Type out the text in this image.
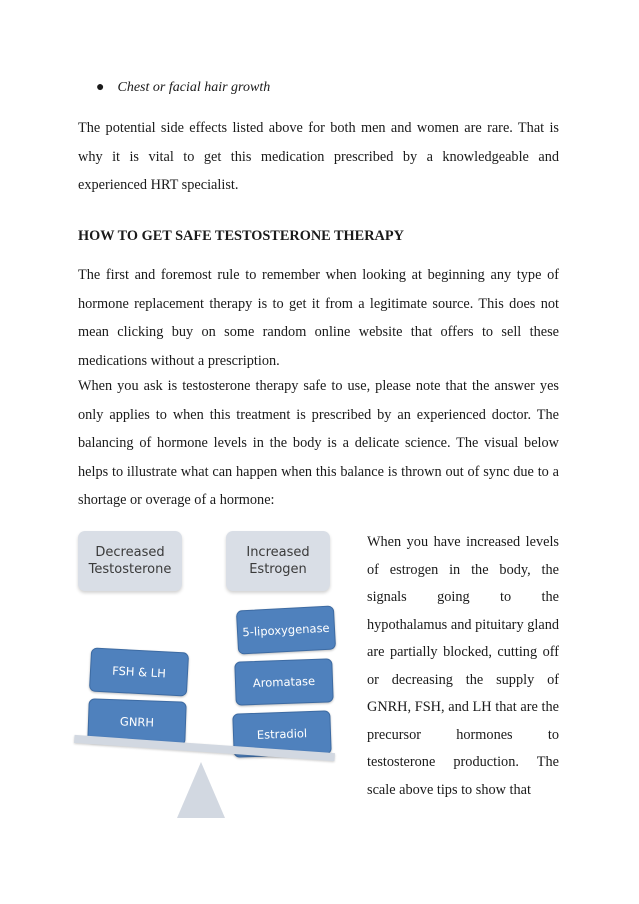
● Chest or facial hair growth

The potential side effects listed above for both men and women are rare. That is why it is vital to get this medication prescribed by a knowledgeable and experienced HRT specialist.

HOW TO GET SAFE TESTOSTERONE THERAPY

The first and foremost rule to remember when looking at beginning any type of hormone replacement therapy is to get it from a legitimate source. This does not mean clicking buy on some random online website that offers to sell these medications without a prescription.

When you ask is testosterone therapy safe to use, please note that the answer yes only applies to when this treatment is prescribed by an experienced doctor. The balancing of hormone levels in the body is a delicate science. The visual below helps to illustrate what can happen when this balance is thrown out of sync due to a shortage or overage of a hormone:

Decreased Testosterone
Increased Estrogen
FSH & LH
GNRH
5-lipoxygenase
Aromatase
Estradiol

When you have increased levels of estrogen in the body, the signals going to the hypothalamus and pituitary gland are partially blocked, cutting off or decreasing the supply of GNRH, FSH, and LH that are the precursor hormones to testosterone production. The scale above tips to show that
